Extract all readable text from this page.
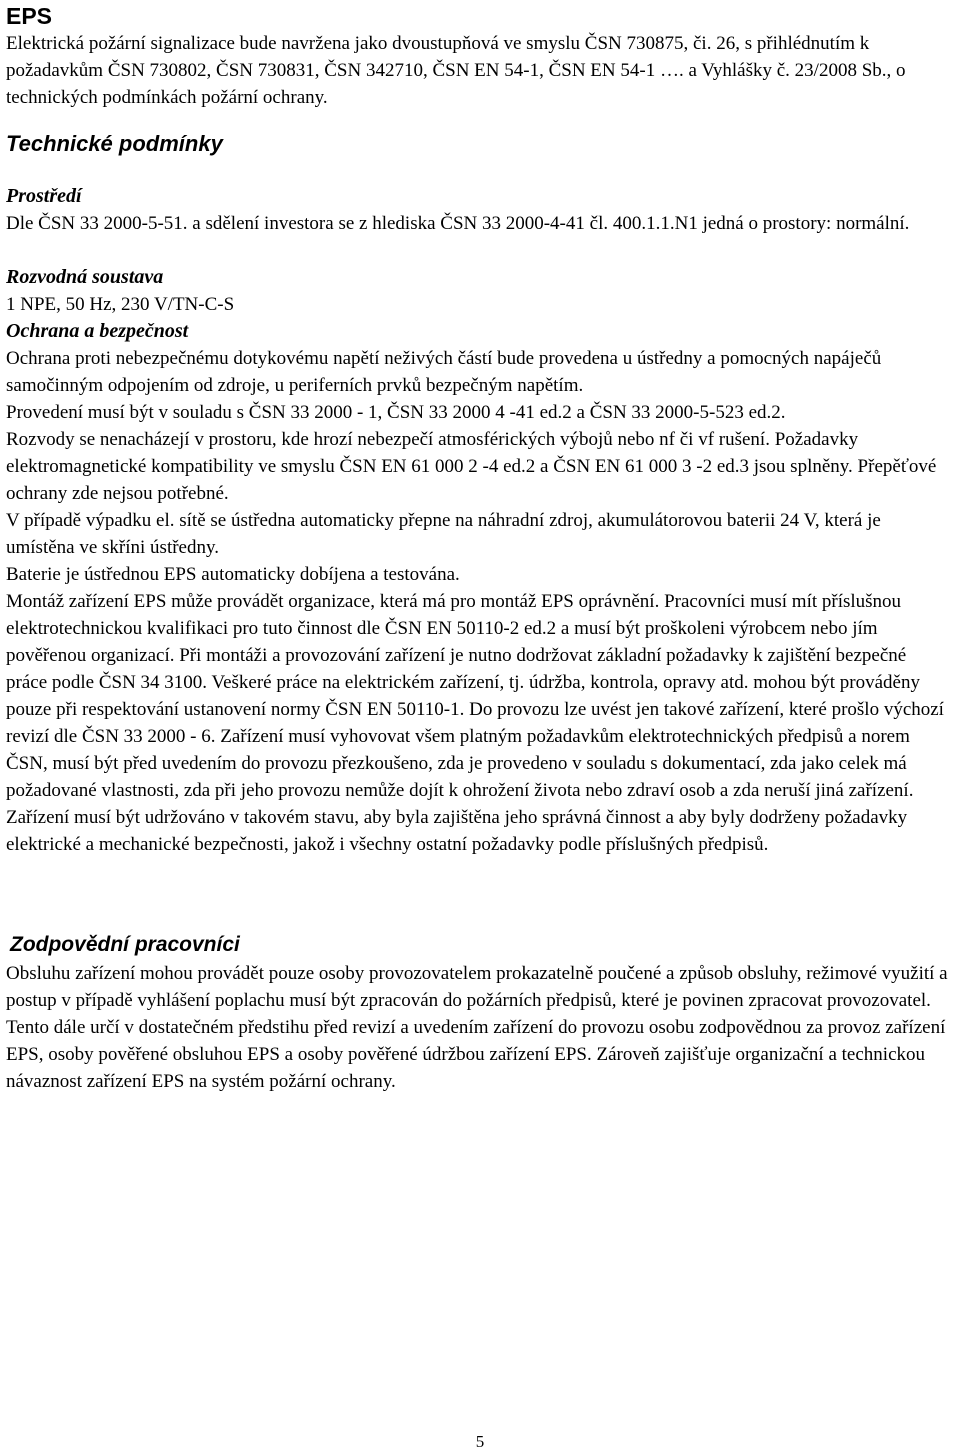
EPS

Elektrická požární signalizace bude navržena jako dvoustupňová ve smyslu ČSN 730875, či. 26, s přihlédnutím k požadavkům ČSN 730802, ČSN 730831, ČSN 342710, ČSN EN 54-1, ČSN EN 54-1 …. a Vyhlášky č. 23/2008 Sb., o technických podmínkách požární ochrany.

Technické podmínky
Prostředí

Dle ČSN 33 2000-5-51. a sdělení investora se z hlediska ČSN 33 2000-4-41 čl. 400.1.1.N1 jedná o prostory: normální.

Rozvodná soustava

1 NPE, 50 Hz, 230 V/TN-C-S

Ochrana a bezpečnost

Ochrana proti nebezpečnému dotykovému napětí neživých částí bude provedena u ústředny a pomocných napáječů samočinným odpojením od zdroje, u periferních prvků bezpečným napětím.

Provedení musí být v souladu s ČSN 33 2000 - 1, ČSN 33 2000 4 -41 ed.2 a ČSN 33 2000-5-523 ed.2.

Rozvody se nenacházejí v prostoru, kde hrozí nebezpečí atmosférických výbojů nebo nf či vf rušení. Požadavky elektromagnetické kompatibility ve smyslu ČSN EN 61 000 2 -4 ed.2 a ČSN EN 61 000 3 -2 ed.3 jsou splněny. Přepěťové ochrany zde nejsou potřebné.

V případě výpadku el. sítě se ústředna automaticky přepne na náhradní zdroj, akumulátorovou baterii 24 V, která je umístěna ve skříni ústředny.

Baterie je ústřednou EPS automaticky dobíjena a testována.

Montáž zařízení EPS může provádět organizace, která má pro montáž EPS oprávnění. Pracovníci musí mít příslušnou elektrotechnickou kvalifikaci pro tuto činnost dle ČSN EN 50110-2 ed.2 a musí být proškoleni výrobcem nebo jím pověřenou organizací. Při montáži a provozování zařízení je nutno dodržovat základní požadavky k zajištění bezpečné práce podle ČSN 34 3100. Veškeré práce na elektrickém zařízení, tj. údržba, kontrola, opravy atd. mohou být prováděny pouze při respektování ustanovení normy ČSN EN 50110-1. Do provozu lze uvést jen takové zařízení, které prošlo výchozí revizí dle ČSN 33 2000 - 6. Zařízení musí vyhovovat všem platným požadavkům elektrotechnických předpisů a norem ČSN, musí být před uvedením do provozu přezkoušeno, zda je provedeno v souladu s dokumentací, zda jako celek má požadované vlastnosti, zda při jeho provozu nemůže dojít k ohrožení života nebo zdraví osob a zda neruší jiná zařízení.

Zařízení musí být udržováno v takovém stavu, aby byla zajištěna jeho správná činnost a aby byly dodrženy požadavky elektrické a mechanické bezpečnosti, jakož i všechny ostatní požadavky podle příslušných předpisů.

Zodpovědní pracovníci

Obsluhu zařízení mohou provádět pouze osoby provozovatelem prokazatelně poučené a způsob obsluhy, režimové využití a postup v případě vyhlášení poplachu musí být zpracován do požárních předpisů, které je povinen zpracovat provozovatel.

Tento dále určí v dostatečném předstihu před revizí a uvedením zařízení do provozu osobu zodpovědnou za provoz zařízení EPS, osoby pověřené obsluhou EPS a osoby pověřené údržbou zařízení EPS. Zároveň zajišťuje organizační a technickou návaznost zařízení EPS na systém požární ochrany.

5
